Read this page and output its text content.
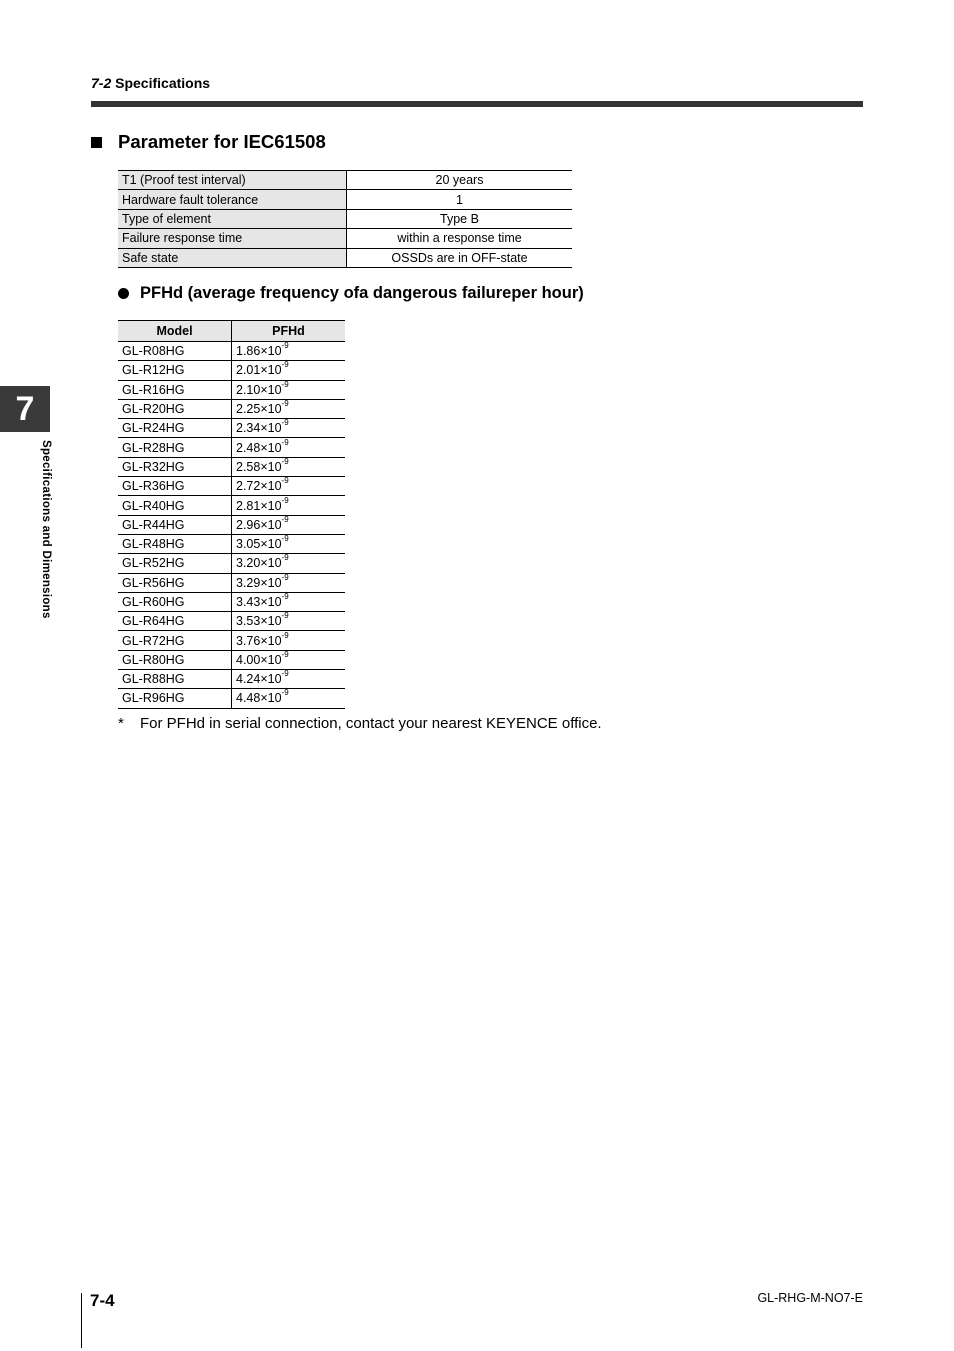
7-2 Specifications
7
Specifications and Dimensions
Parameter for IEC61508
T1 (Proof test interval)	20 years
Hardware fault tolerance	1
Type of element	Type B
Failure response time	within a response time
Safe state	OSSDs are in OFF-state
PFHd (average frequency ofa dangerous failureper hour)
Model	PFHd
GL-R08HG	$1.86\times 10^{-9}$
GL-R12HG	$2.01\times 10^{-9}$
GL-R16HG	$2.10\times 10^{-9}$
GL-R20HG	$2.25\times 10^{-9}$
GL-R24HG	$2.34\times 10^{-9}$
GL-R28HG	$2.48\times 10^{-9}$
GL-R32HG	$2.58\times 10^{-9}$
GL-R36HG	$2.72\times 10^{-9}$
GL-R40HG	$2.81\times 10^{-9}$
GL-R44HG	$2.96\times 10^{-9}$
GL-R48HG	$3.05\times 10^{-9}$
GL-R52HG	$3.20\times 10^{-9}$
GL-R56HG	$3.29\times 10^{-9}$
GL-R60HG	$3.43\times 10^{-9}$
GL-R64HG	$3.53\times 10^{-9}$
GL-R72HG	$3.76\times 10^{-9}$
GL-R80HG	$4.00\times 10^{-9}$
GL-R88HG	$4.24\times 10^{-9}$
GL-R96HG	$4.48\times 10^{-9}$
* For PFHd in serial connection, contact your nearest KEYENCE office.
7-4	GL-RHG-M-NO7-E
